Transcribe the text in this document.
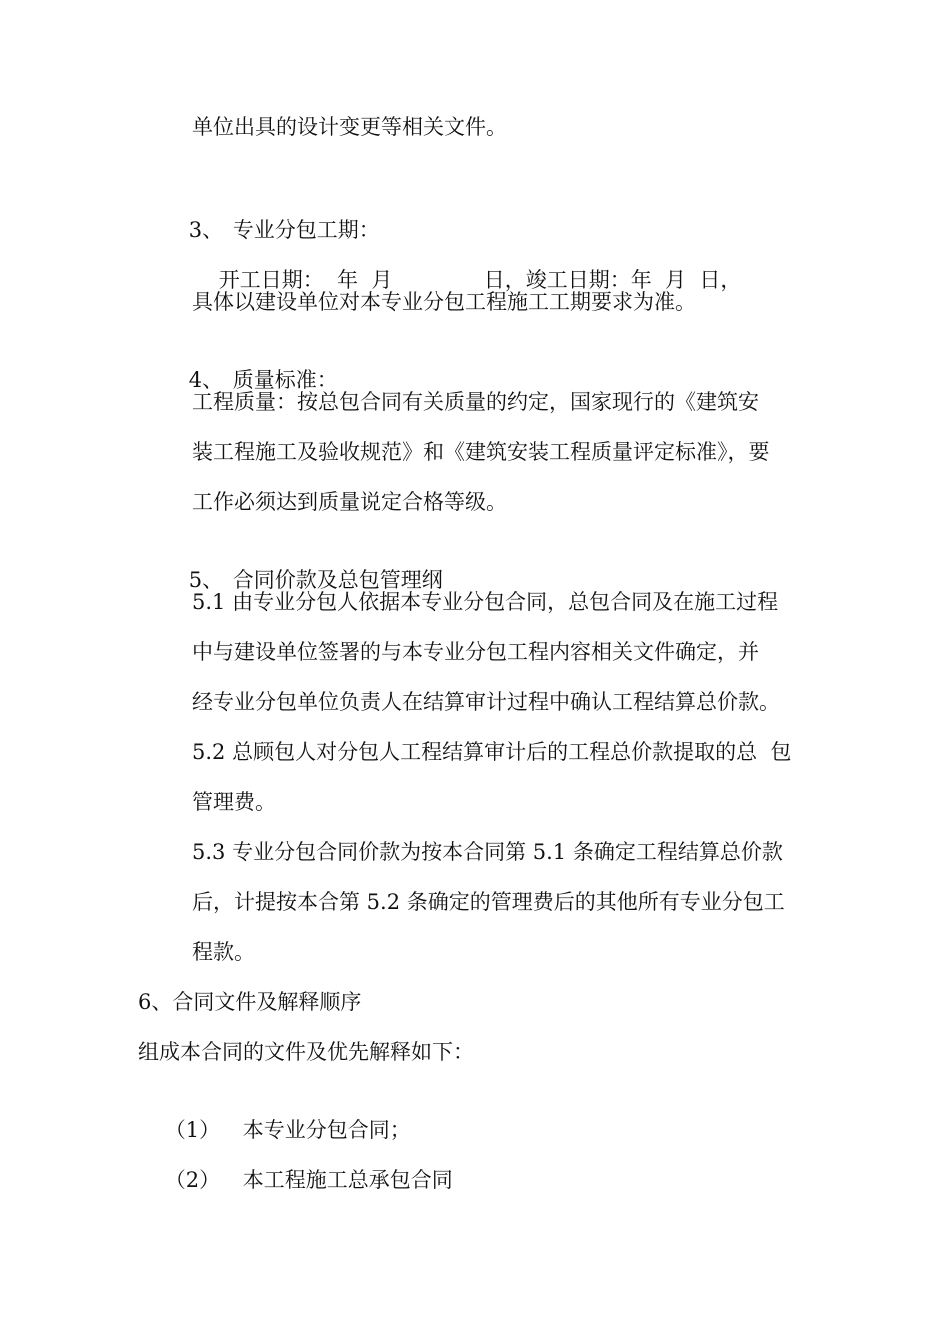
单位出具的设计变更等相关文件。

3、 专业分包工期：

开工日期：  年  月	日，竣工日期：年  月  日，

具体以建设单位对本专业分包工程施工工期要求为准。

4、 质量标准：

工程质量：按总包合同有关质量的约定，国家现行的《建筑安
装工程施工及验收规范》和《建筑安装工程质量评定标准》，要
工作必须达到质量说定合格等级。

5、 合同价款及总包管理纲

5.1 由专业分包人依据本专业分包合同，总包合同及在施工过程
中与建设单位签署的与本专业分包工程内容相关文件确定，并
经专业分包单位负责人在结算审计过程中确认工程结算总价款。
5.2 总顾包人对分包人工程结算审计后的工程总价款提取的总  包
管理费。
5.3 专业分包合同价款为按本合同第 5.1 条确定工程结算总价款
后，计提按本合第 5.2 条确定的管理费后的其他所有专业分包工
程款。
6、合同文件及解释顺序
组成本合同的文件及优先解释如下：

（1） 本专业分包合同；

（2） 本工程施工总承包合同
